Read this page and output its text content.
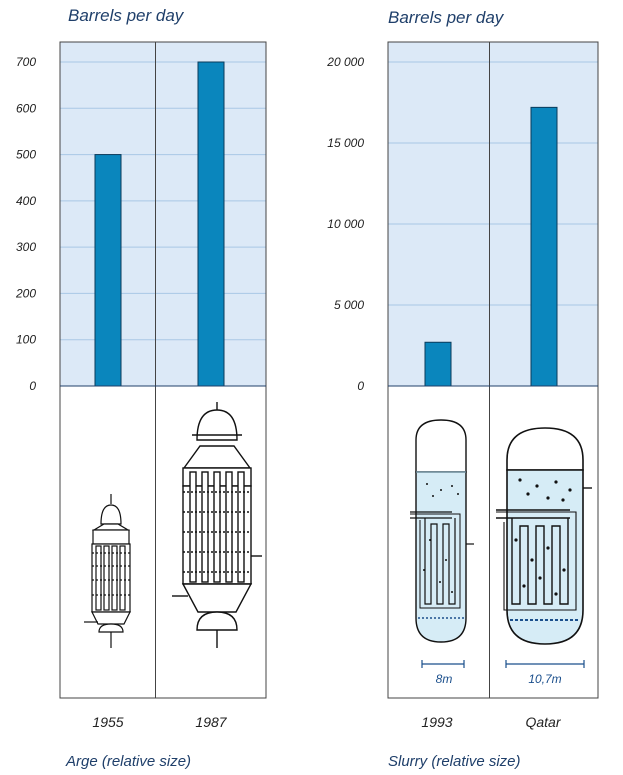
Barrels per day
0
100
200
300
400
500
600
700
1955	1987
Arge (relative size)
Barrels per day
0
5 000
10 000
15 000
20 000
8m	10,7m
1993	Qatar
Slurry (relative size)
